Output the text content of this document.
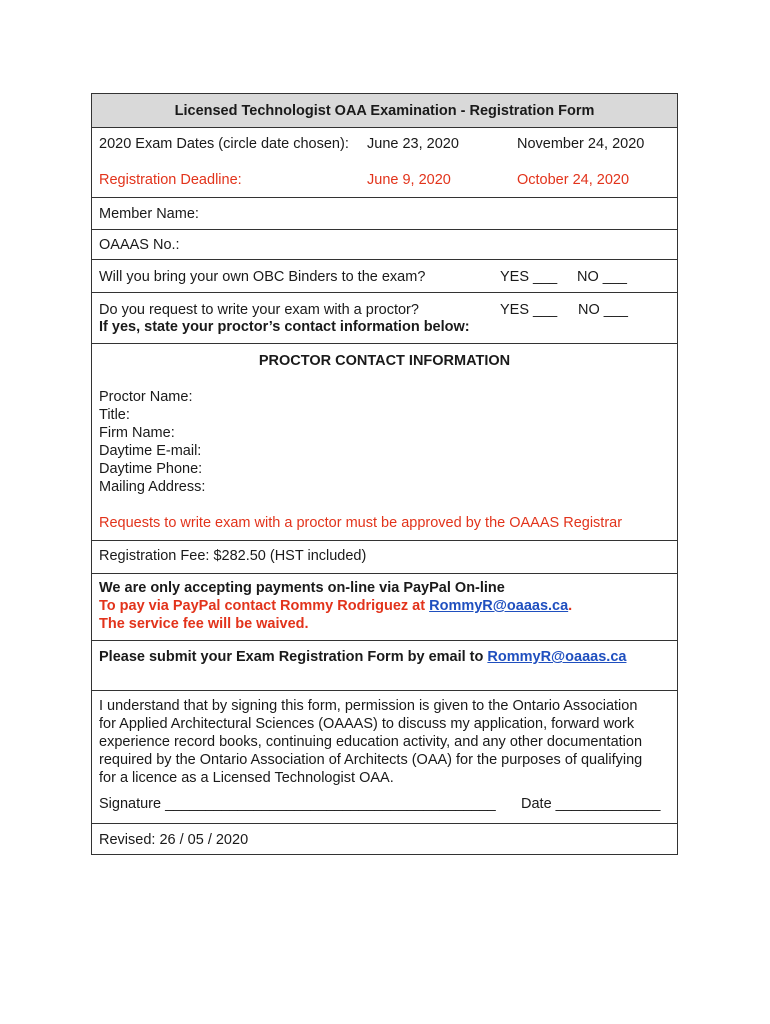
Licensed Technologist OAA Examination - Registration Form
2020 Exam Dates (circle date chosen): June 23, 2020	November 24, 2020
Registration Deadline:	June 9, 2020	October 24, 2020
Member Name:
OAAAS No.:
Will you bring your own OBC Binders to the exam?	YES ___ NO ___
Do you request to write your exam with a proctor?	YES ___ NO ___
If yes, state your proctor’s contact information below:
PROCTOR CONTACT INFORMATION
Proctor Name:
Title:
Firm Name:
Daytime E-mail:
Daytime Phone:
Mailing Address:
Requests to write exam with a proctor must be approved by the OAAAS Registrar
Registration Fee: $282.50 (HST included)
We are only accepting payments on-line via PayPal On-line
To pay via PayPal contact Rommy Rodriguez at RommyR@oaaas.ca.
The service fee will be waived.
Please submit your Exam Registration Form by email to RommyR@oaaas.ca
I understand that by signing this form, permission is given to the Ontario Association
for Applied Architectural Sciences (OAAAS) to discuss my application, forward work
experience record books, continuing education activity, and any other documentation
required by the Ontario Association of Architects (OAA) for the purposes of qualifying
for a licence as a Licensed Technologist OAA.
Signature _________________________________________ Date _____________
Revised: 26 / 05 / 2020
